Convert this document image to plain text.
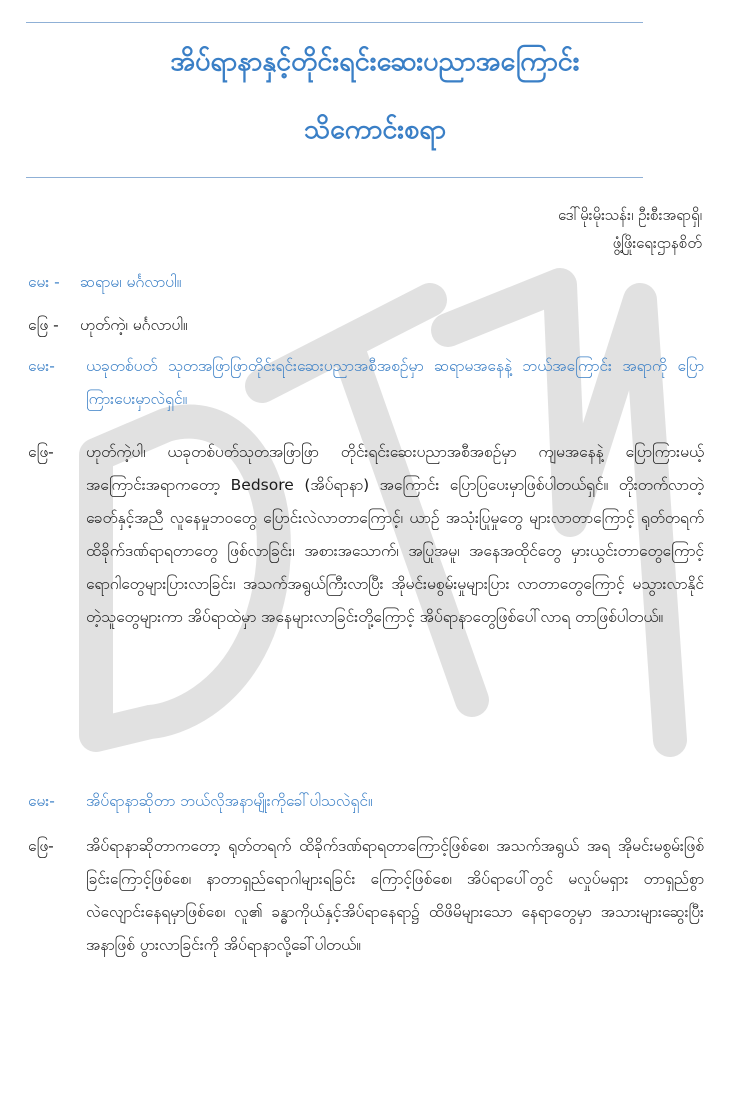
အိပ်ရာနာနှင့်တိုင်းရင်းဆေးပညာအကြောင်း
သိကောင်းစရာ
ဒေါ်မိုးမိုးသန်း၊ ဦးစီးအရာရှိ၊
ဖွံ့ဖြိုးရေးဌာနစိတ်
မေး - ဆရာမ၊ မင်္ဂလာပါ။
ဖြေ - ဟုတ်ကဲ့၊ မင်္ဂလာပါ။
မေး- ယခုတစ်ပတ် သုတအဖြာဖြာတိုင်းရင်းဆေးပညာအစီအစဉ်မှာ ဆရာမအနေနဲ့ ဘယ်အကြောင်း အရာကို ပြောကြားပေးမှာလဲရှင်။
ဖြေ- ဟုတ်ကဲ့ပါ၊ ယခုတစ်ပတ်သုတအဖြာဖြာ တိုင်းရင်းဆေးပညာအစီအစဉ်မှာ ကျမအနေနဲ့ ပြောကြားမယ့် အကြောင်းအရာကတော့ Bedsore (အိပ်ရာနာ) အကြောင်း ပြောပြပေးမှာဖြစ်ပါတယ်ရှင်။ တိုးတက်လာတဲ့ ခေတ်နှင့်အညီ လူနေမှုဘဝတွေ ပြောင်းလဲလာတာကြောင့်၊ ယာဉ် အသုံးပြုမှုတွေ များလာတာကြောင့် ရုတ်တရက် ထိခိုက်ဒဏ်ရာရတာတွေ ဖြစ်လာခြင်း၊ အစားအသောက်၊ အပြုအမူ၊ အနေအထိုင်တွေ မှားယွင်းတာတွေကြောင့် ရောဂါတွေများပြားလာခြင်း၊ အသက်အရွယ်ကြီးလာပြီး အိုမင်းမစွမ်းမှုများပြား လာတာတွေကြောင့် မသွားလာနိုင်တဲ့သူတွေများကာ အိပ်ရာထဲမှာ အနေများလာခြင်းတို့ကြောင့် အိပ်ရာနာတွေဖြစ်ပေါ်လာရ တာဖြစ်ပါတယ်။
မေး- အိပ်ရာနာဆိုတာ ဘယ်လိုအနာမျိုးကိုခေါ်ပါသလဲရှင်။
ဖြေ- အိပ်ရာနာဆိုတာကတော့ ရုတ်တရက် ထိခိုက်ဒဏ်ရာရတာကြောင့်ဖြစ်စေ၊ အသက်အရွယ် အရ အိုမင်းမစွမ်းဖြစ်ခြင်းကြောင့်ဖြစ်စေ၊ နာတာရှည်ရောဂါများရခြင်း ကြောင့်ဖြစ်စေ၊ အိပ်ရာပေါ်တွင် မလှုပ်မရှား တာရှည်စွာ လဲလျောင်းနေရမှာဖြစ်စေ၊ လူ၏ ခန္ဓာကိုယ်နှင့်အိပ်ရာနေရာ၌ ထိဖိမိများသော နေရာတွေမှာ အသားများဆွေးပြီး အနာဖြစ် ပွားလာခြင်းကို အိပ်ရာနာလို့ခေါ်ပါတယ်။
